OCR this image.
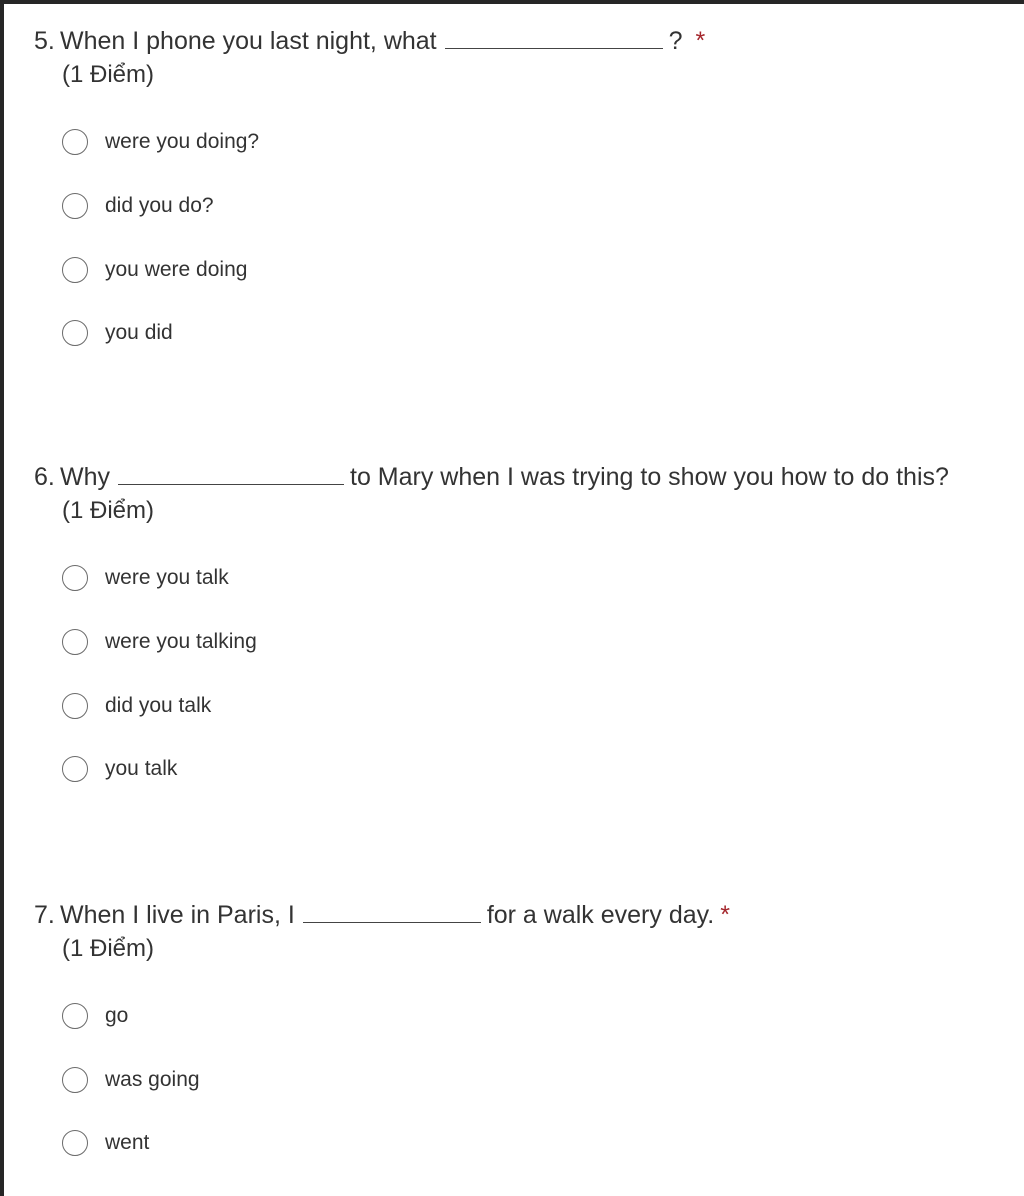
5. When I phone you last night, what	? *
(1 Điểm)
were you doing?
did you do?
you were doing
you did
6. Why	to Mary when I was trying to show you how to do this?
(1 Điểm)
were you talk
were you talking
did you talk
you talk
7. When I live in Paris, I	for a walk every day. *
(1 Điểm)
go
was going
went
